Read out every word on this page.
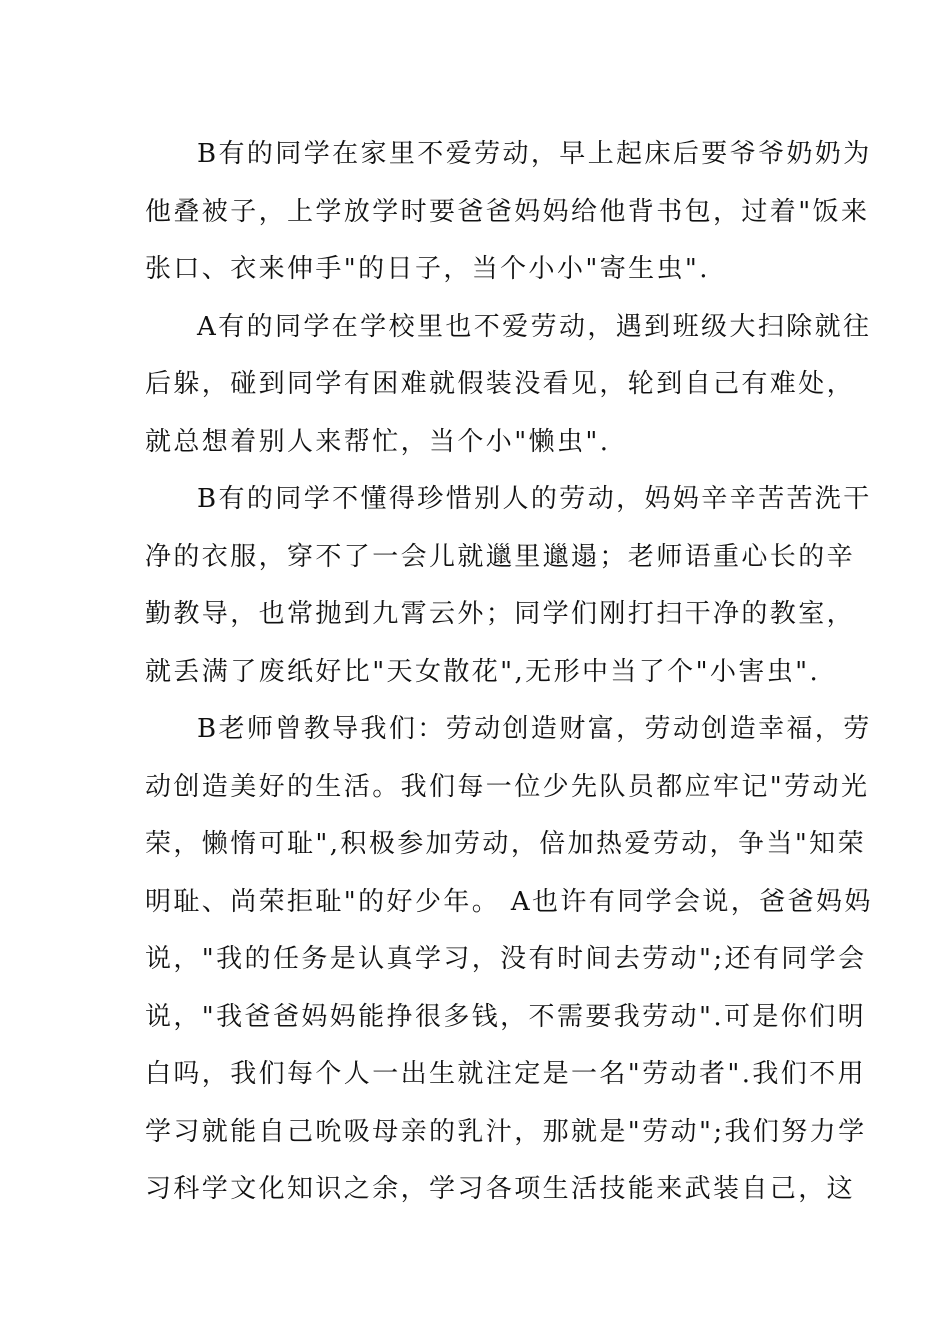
B有的同学在家里不爱劳动，早上起床后要爷爷奶奶为
他叠被子，上学放学时要爸爸妈妈给他背书包，过着"饭来
张口、衣来伸手"的日子，当个小小"寄生虫".
A有的同学在学校里也不爱劳动，遇到班级大扫除就往
后躲，碰到同学有困难就假装没看见，轮到自己有难处，
就总想着别人来帮忙，当个小"懒虫".
B有的同学不懂得珍惜别人的劳动，妈妈辛辛苦苦洗干
净的衣服，穿不了一会儿就邋里邋遢；老师语重心长的辛
勤教导，也常抛到九霄云外；同学们刚打扫干净的教室，
就丢满了废纸好比"天女散花",无形中当了个"小害虫".
B老师曾教导我们：劳动创造财富，劳动创造幸福，劳
动创造美好的生活。我们每一位少先队员都应牢记"劳动光
荣，懒惰可耻",积极参加劳动，倍加热爱劳动，争当"知荣
明耻、尚荣拒耻"的好少年。 A也许有同学会说，爸爸妈妈
说，"我的任务是认真学习，没有时间去劳动";还有同学会
说，"我爸爸妈妈能挣很多钱，不需要我劳动".可是你们明
白吗，我们每个人一出生就注定是一名"劳动者".我们不用
学习就能自己吮吸母亲的乳汁，那就是"劳动";我们努力学
习科学文化知识之余，学习各项生活技能来武装自己，这
